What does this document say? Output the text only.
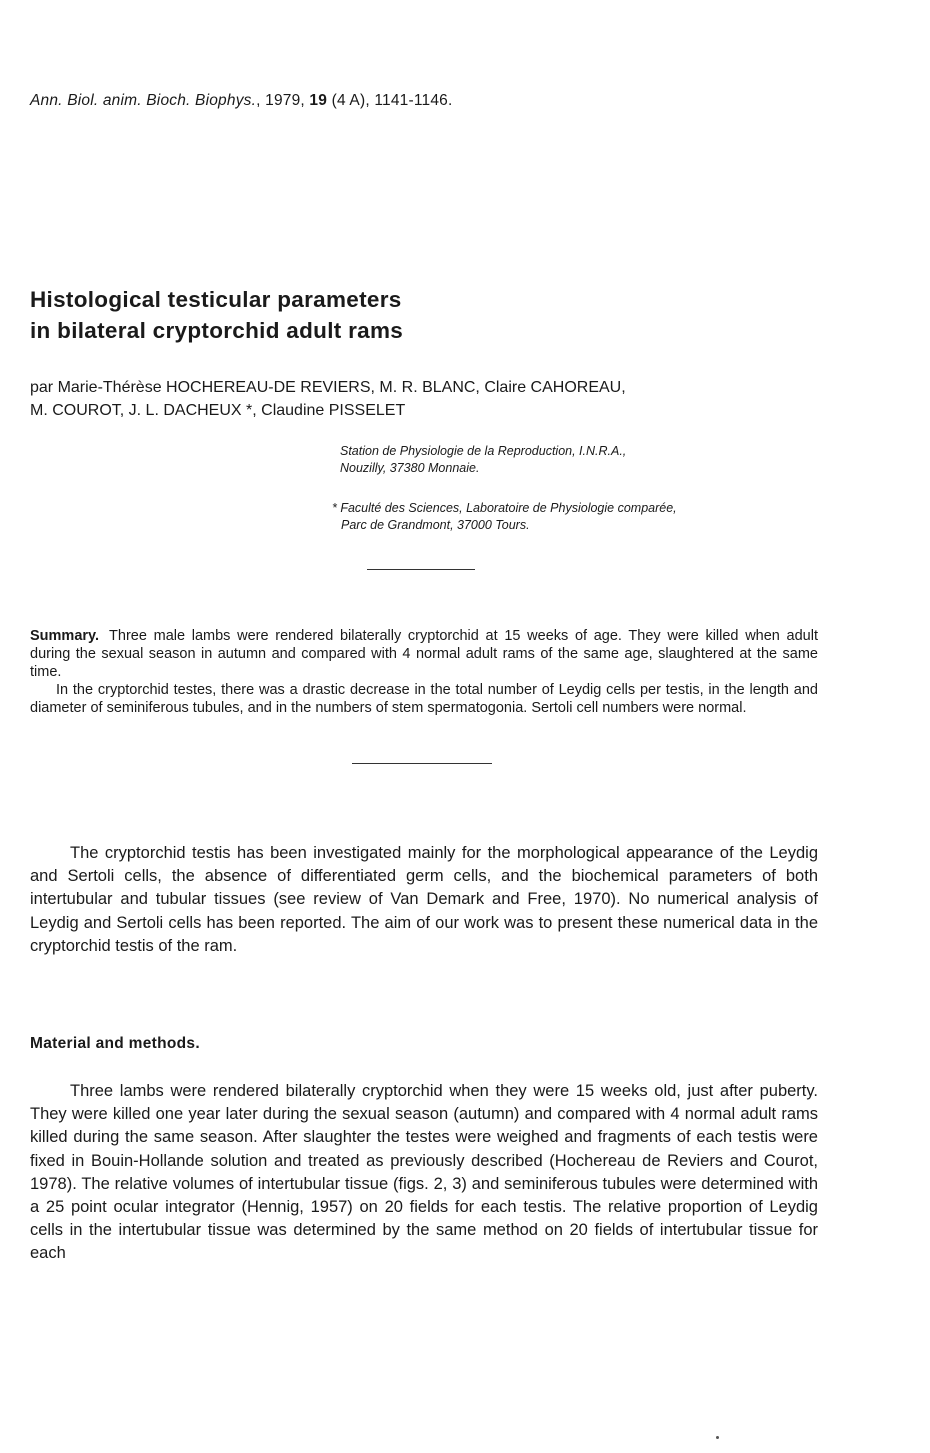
Ann. Biol. anim. Bioch. Biophys., 1979, 19 (4 A), 1141-1146.
Histological testicular parameters
in bilateral cryptorchid adult rams
par Marie-Thérèse HOCHEREAU-DE REVIERS, M. R. BLANC, Claire CAHOREAU,
M. COUROT, J. L. DACHEUX *, Claudine PISSELET
Station de Physiologie de la Reproduction, I.N.R.A.,
Nouzilly, 37380 Monnaie.
* Faculté des Sciences, Laboratoire de Physiologie comparée,
Parc de Grandmont, 37000 Tours.

Summary. Three male lambs were rendered bilaterally cryptorchid at 15 weeks of age. They were killed when adult during the sexual season in autumn and compared with 4 normal adult rams of the same age, slaughtered at the same time.

In the cryptorchid testes, there was a drastic decrease in the total number of Leydig cells per testis, in the length and diameter of seminiferous tubules, and in the numbers of stem spermatogonia. Sertoli cell numbers were normal.

The cryptorchid testis has been investigated mainly for the morphological appearance of the Leydig and Sertoli cells, the absence of differentiated germ cells, and the biochemical parameters of both intertubular and tubular tissues (see review of Van Demark and Free, 1970). No numerical analysis of Leydig and Sertoli cells has been reported. The aim of our work was to present these numerical data in the cryptorchid testis of the ram.

Material and methods.

Three lambs were rendered bilaterally cryptorchid when they were 15 weeks old, just after puberty. They were killed one year later during the sexual season (autumn) and compared with 4 normal adult rams killed during the same season. After slaughter the testes were weighed and fragments of each testis were fixed in Bouin-Hollande solution and treated as previously described (Hochereau de Reviers and Courot, 1978). The relative volumes of intertubular tissue (figs. 2, 3) and seminiferous tubules were determined with a 25 point ocular integrator (Hennig, 1957) on 20 fields for each testis. The relative proportion of Leydig cells in the intertubular tissue was determined by the same method on 20 fields of intertubular tissue for each
